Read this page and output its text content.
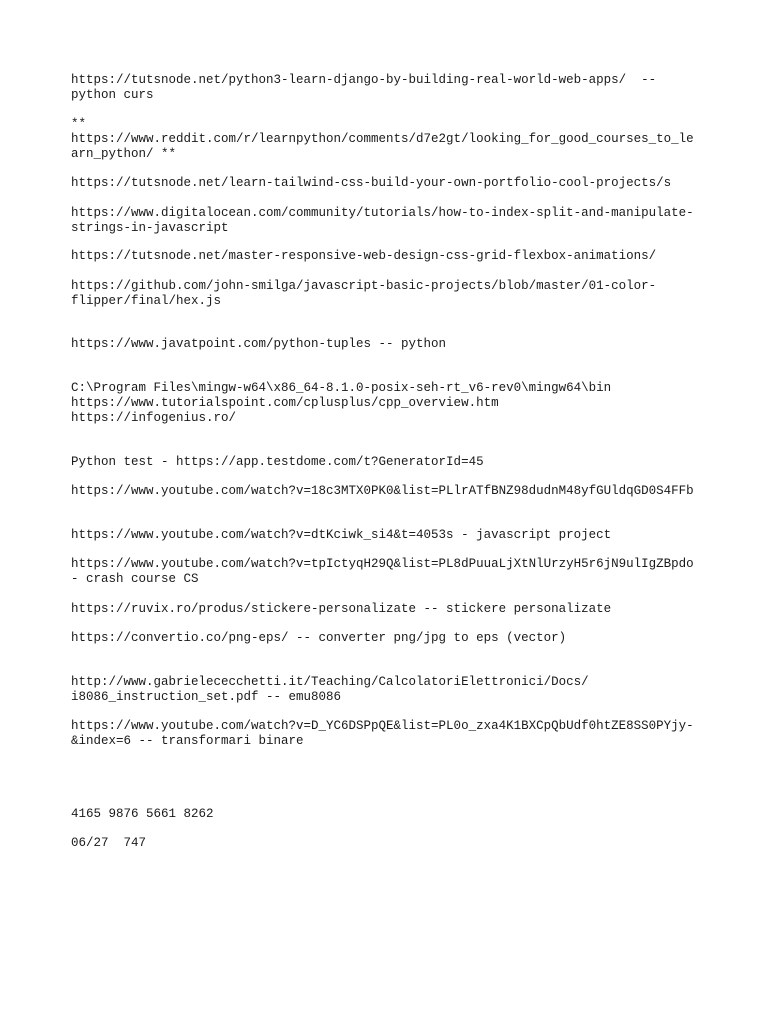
https://tutsnode.net/python3-learn-django-by-building-real-world-web-apps/  --

python curs

**

https://www.reddit.com/r/learnpython/comments/d7e2gt/looking_for_good_courses_to_le

arn_python/ **

https://tutsnode.net/learn-tailwind-css-build-your-own-portfolio-cool-projects/s

https://www.digitalocean.com/community/tutorials/how-to-index-split-and-manipulate-

strings-in-javascript

https://tutsnode.net/master-responsive-web-design-css-grid-flexbox-animations/

https://github.com/john-smilga/javascript-basic-projects/blob/master/01-color-

flipper/final/hex.js

https://www.javatpoint.com/python-tuples -- python

C:\Program Files\mingw-w64\x86_64-8.1.0-posix-seh-rt_v6-rev0\mingw64\bin

https://www.tutorialspoint.com/cplusplus/cpp_overview.htm

https://infogenius.ro/

Python test - https://app.testdome.com/t?GeneratorId=45

https://www.youtube.com/watch?v=18c3MTX0PK0&list=PLlrATfBNZ98dudnM48yfGUldqGD0S4FFb

https://www.youtube.com/watch?v=dtKciwk_si4&t=4053s - javascript project

https://www.youtube.com/watch?v=tpIctyqH29Q&list=PL8dPuuaLjXtNlUrzyH5r6jN9ulIgZBpdo

- crash course CS

https://ruvix.ro/produs/stickere-personalizate -- stickere personalizate

https://convertio.co/png-eps/ -- converter png/jpg to eps (vector)

http://www.gabrielececchetti.it/Teaching/CalcolatoriElettronici/Docs/

i8086_instruction_set.pdf -- emu8086

https://www.youtube.com/watch?v=D_YC6DSPpQE&list=PL0o_zxa4K1BXCpQbUdf0htZE8SS0PYjy-

&index=6 -- transformari binare

4165 9876 5661 8262

06/27  747
